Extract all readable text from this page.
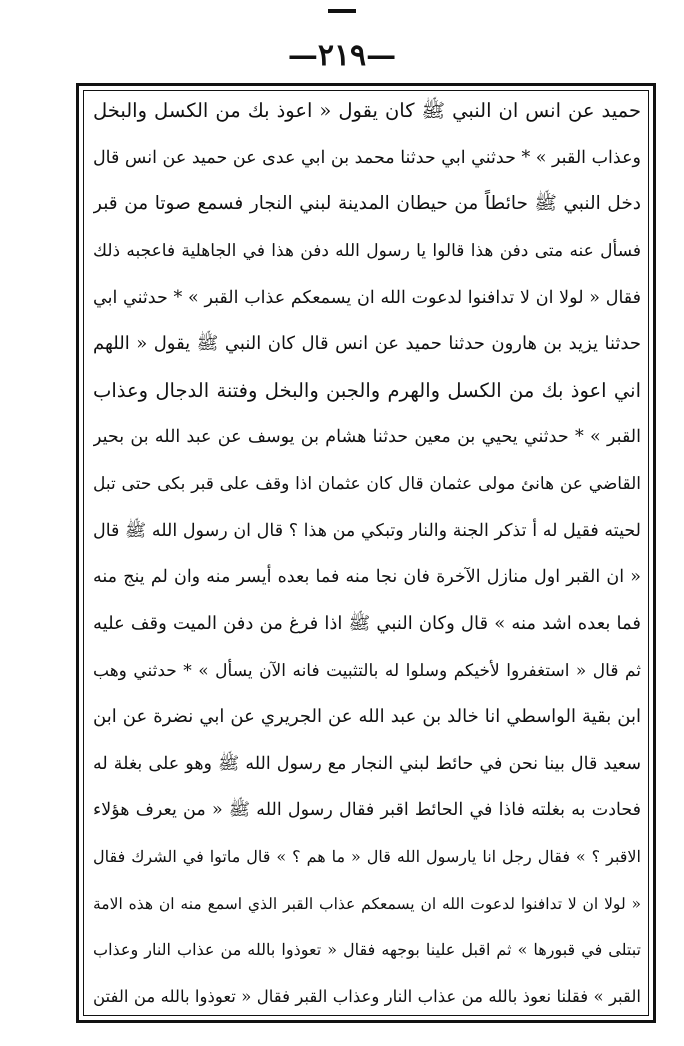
—٢١٩—
حميد عن انس ان النبي ﷺ كان يقول « اعوذ بك من الكسل والبخل
وعذاب القبر » * حدثني ابي حدثنا محمد بن ابي عدى عن حميد عن انس قال
دخل النبي ﷺ حائطاً من حيطان المدينة لبني النجار فسمع صوتا من قبر
فسأل عنه متى دفن هذا قالوا يا رسول الله دفن هذا في الجاهلية فاعجبه ذلك
فقال « لولا ان لا تدافنوا لدعوت الله ان يسمعكم عذاب القبر » * حدثني ابي
حدثنا يزيد بن هارون حدثنا حميد عن انس قال كان النبي ﷺ يقول « اللهم
اني اعوذ بك من الكسل والهرم والجبن والبخل وفتنة الدجال وعذاب
القبر » * حدثني يحيي بن معين حدثنا هشام بن يوسف عن عبد الله بن بحير
القاضي عن هانئ مولى عثمان قال كان عثمان اذا وقف على قبر بكى حتى تبل
لحيته فقيل له أ تذكر الجنة والنار وتبكي من هذا ؟ قال ان رسول الله ﷺ قال
« ان القبر اول منازل الآخرة فان نجا منه فما بعده أيسر منه وان لم ينج منه
فما بعده اشد منه » قال وكان النبي ﷺ اذا فرغ من دفن الميت وقف عليه
ثم قال « استغفروا لأخيكم وسلوا له بالتثبيت فانه الآن يسأل » * حدثني وهب
ابن بقية الواسطي انا خالد بن عبد الله عن الجريري عن ابي نضرة عن ابن
سعيد قال بينا نحن في حائط لبني النجار مع رسول الله ﷺ وهو على بغلة له
فحادت به بغلته فاذا في الحائط اقبر فقال رسول الله ﷺ « من يعرف هؤلاء
الاقبر ؟ » فقال رجل انا يارسول الله قال « ما هم ؟ » قال ماتوا في الشرك فقال
« لولا ان لا تدافنوا لدعوت الله ان يسمعكم عذاب القبر الذي اسمع منه ان هذه الامة
تبتلى في قبورها » ثم اقبل علينا بوجهه فقال « تعوذوا بالله من عذاب النار وعذاب
القبر » فقلنا نعوذ بالله من عذاب النار وعذاب القبر فقال « تعوذوا بالله من الفتن
